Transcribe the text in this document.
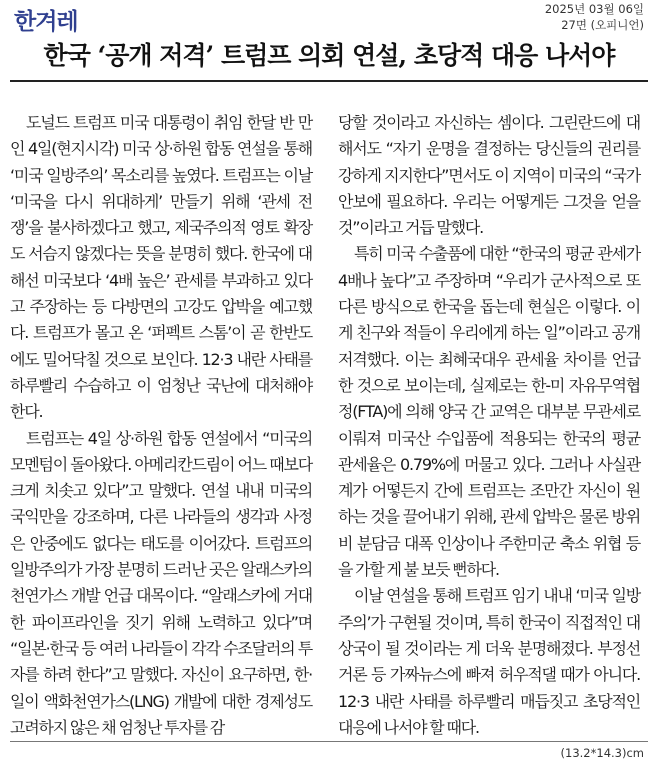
한겨레	2025년 03월 06일
27면 (오피니언)
한국 ‘공개 저격’ 트럼프 의회 연설, 초당적 대응 나서야

도널드 트럼프 미국 대통령이 취임 한달 반 만인 4일(현지시각) 미국 상·하원 합동 연설을 통해 ‘미국 일방주의’ 목소리를 높였다. 트럼프는 이날 ‘미국을 다시 위대하게’ 만들기 위해 ‘관세 전쟁’을 불사하겠다고 했고, 제국주의적 영토 확장도 서슴지 않겠다는 뜻을 분명히 했다. 한국에 대해선 미국보다 ‘4배 높은’ 관세를 부과하고 있다고 주장하는 등 다방면의 고강도 압박을 예고했다. 트럼프가 몰고 온 ‘퍼펙트 스톰’이 곧 한반도에도 밀어닥칠 것으로 보인다. 12·3 내란 사태를 하루빨리 수습하고 이 엄청난 국난에 대처해야 한다.

트럼프는 4일 상·하원 합동 연설에서 “미국의 모멘텀이 돌아왔다. 아메리칸드림이 어느 때보다 크게 치솟고 있다”고 말했다. 연설 내내 미국의 국익만을 강조하며, 다른 나라들의 생각과 사정은 안중에도 없다는 태도를 이어갔다. 트럼프의 일방주의가 가장 분명히 드러난 곳은 알래스카의 천연가스 개발 언급 대목이다. “알래스카에 거대한 파이프라인을 짓기 위해 노력하고 있다”며 “일본·한국 등 여러 나라들이 각각 수조달러의 투자를 하려 한다”고 말했다. 자신이 요구하면, 한·일이 액화천연가스(LNG) 개발에 대한 경제성도 고려하지 않은 채 엄청난 투자를 감

당할 것이라고 자신하는 셈이다. 그린란드에 대해서도 “자기 운명을 결정하는 당신들의 권리를 강하게 지지한다”면서도 이 지역이 미국의 “국가 안보에 필요하다. 우리는 어떻게든 그것을 얻을 것”이라고 거듭 말했다.

특히 미국 수출품에 대한 “한국의 평균 관세가 4배나 높다”고 주장하며 “우리가 군사적으로 또 다른 방식으로 한국을 돕는데 현실은 이렇다. 이게 친구와 적들이 우리에게 하는 일”이라고 공개 저격했다. 이는 최혜국대우 관세율 차이를 언급한 것으로 보이는데, 실제로는 한-미 자유무역협정(FTA)에 의해 양국 간 교역은 대부분 무관세로 이뤄져 미국산 수입품에 적용되는 한국의 평균 관세율은 0.79%에 머물고 있다. 그러나 사실관계가 어떻든지 간에 트럼프는 조만간 자신이 원하는 것을 끌어내기 위해, 관세 압박은 물론 방위비 분담금 대폭 인상이나 주한미군 축소 위협 등을 가할 게 불 보듯 뻔하다.

이날 연설을 통해 트럼프 임기 내내 ‘미국 일방주의’가 구현될 것이며, 특히 한국이 직접적인 대상국이 될 것이라는 게 더욱 분명해졌다. 부정선거론 등 가짜뉴스에 빠져 허우적댈 때가 아니다. 12·3 내란 사태를 하루빨리 매듭짓고 초당적인 대응에 나서야 할 때다.

(13.2*14.3)cm
